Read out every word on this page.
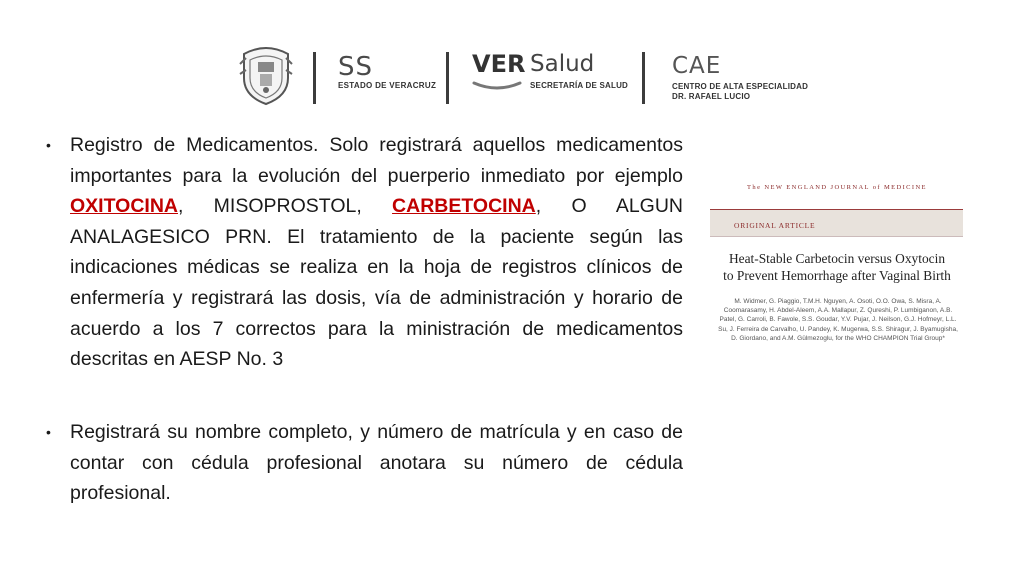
SS
ESTADO DE VERACRUZ
VER Salud
SECRETARÍA DE SALUD
CAE
CENTRO DE ALTA ESPECIALIDAD
DR. RAFAEL LUCIO
• Registro de Medicamentos. Solo registrará aquellos medicamentos importantes para la evolución del puerperio inmediato por ejemplo OXITOCINA, MISOPROSTOL, CARBETOCINA, O ALGUN ANALAGESICO PRN. El tratamiento de la paciente según las indicaciones médicas se realiza en la hoja de registros clínicos de enfermería y registrará las dosis, vía de administración y horario de acuerdo a los 7 correctos para la ministración de medicamentos descritas en AESP No. 3
• Registrará su nombre completo, y número de matrícula y en caso de contar con cédula profesional anotara su número de cédula profesional.
The NEW ENGLAND JOURNAL of MEDICINE
ORIGINAL ARTICLE
Heat-Stable Carbetocin versus Oxytocin
to Prevent Hemorrhage after Vaginal Birth
M. Widmer, G. Piaggio, T.M.H. Nguyen, A. Osoti, O.O. Owa, S. Misra, A. Coomarasamy, H. Abdel-Aleem, A.A. Mallapur, Z. Qureshi, P. Lumbiganon, A.B. Patel, G. Carroli, B. Fawole, S.S. Goudar, Y.V. Pujar, J. Neilson, G.J. Hofmeyr, L.L. Su, J. Ferreira de Carvalho, U. Pandey, K. Mugerwa, S.S. Shiragur, J. Byamugisha, D. Giordano, and A.M. Gülmezoglu, for the WHO CHAMPION Trial Group*
